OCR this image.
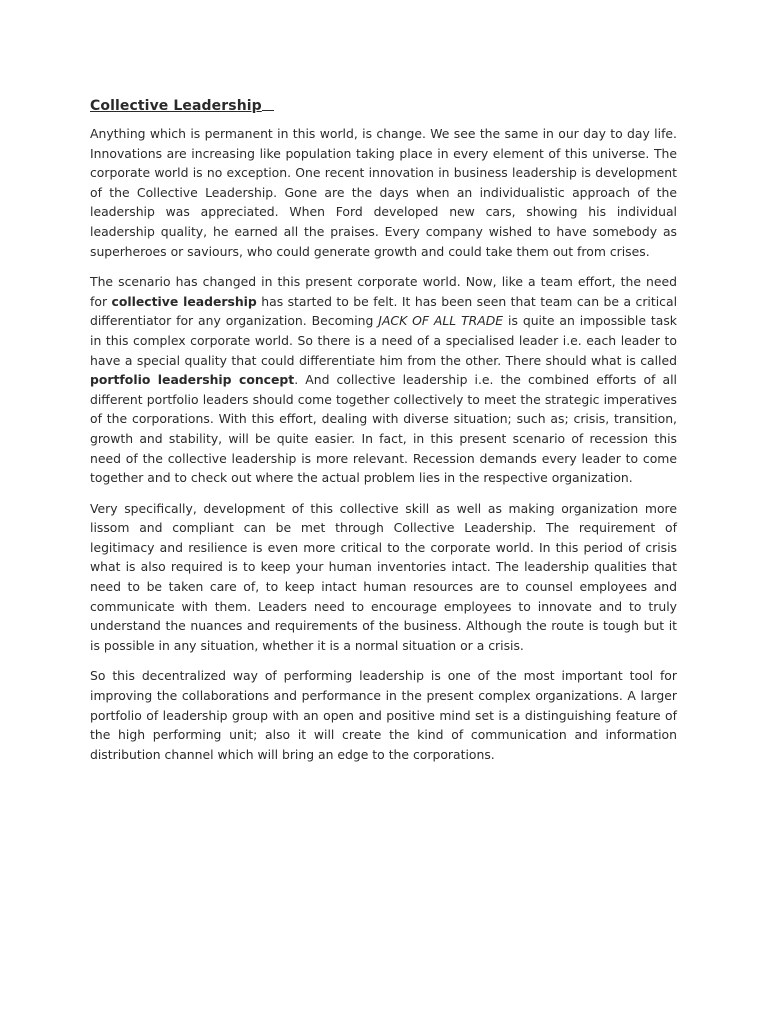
Collective Leadership

Anything which is permanent in this world, is change. We see the same in our day to day life. Innovations are increasing like population taking place in every element of this universe. The corporate world is no exception. One recent innovation in business leadership is development of the Collective Leadership. Gone are the days when an individualistic approach of the leadership was appreciated. When Ford developed new cars, showing his individual leadership quality, he earned all the praises. Every company wished to have somebody as superheroes or saviours, who could generate growth and could take them out from crises.

The scenario has changed in this present corporate world. Now, like a team effort, the need for collective leadership has started to be felt. It has been seen that team can be a critical differentiator for any organization. Becoming JACK OF ALL TRADE is quite an impossible task in this complex corporate world. So there is a need of a specialised leader i.e. each leader to have a special quality that could differentiate him from the other. There should what is called portfolio leadership concept. And collective leadership i.e. the combined efforts of all different portfolio leaders should come together collectively to meet the strategic imperatives of the corporations. With this effort, dealing with diverse situation; such as; crisis, transition, growth and stability, will be quite easier. In fact, in this present scenario of recession this need of the collective leadership is more relevant. Recession demands every leader to come together and to check out where the actual problem lies in the respective organization.

Very specifically, development of this collective skill as well as making organization more lissom and compliant can be met through Collective Leadership. The requirement of legitimacy and resilience is even more critical to the corporate world. In this period of crisis what is also required is to keep your human inventories intact. The leadership qualities that need to be taken care of, to keep intact human resources are to counsel employees and communicate with them. Leaders need to encourage employees to innovate and to truly understand the nuances and requirements of the business. Although the route is tough but it is possible in any situation, whether it is a normal situation or a crisis.

So this decentralized way of performing leadership is one of the most important tool for improving the collaborations and performance in the present complex organizations. A larger portfolio of leadership group with an open and positive mind set is a distinguishing feature of the high performing unit; also it will create the kind of communication and information distribution channel which will bring an edge to the corporations.
